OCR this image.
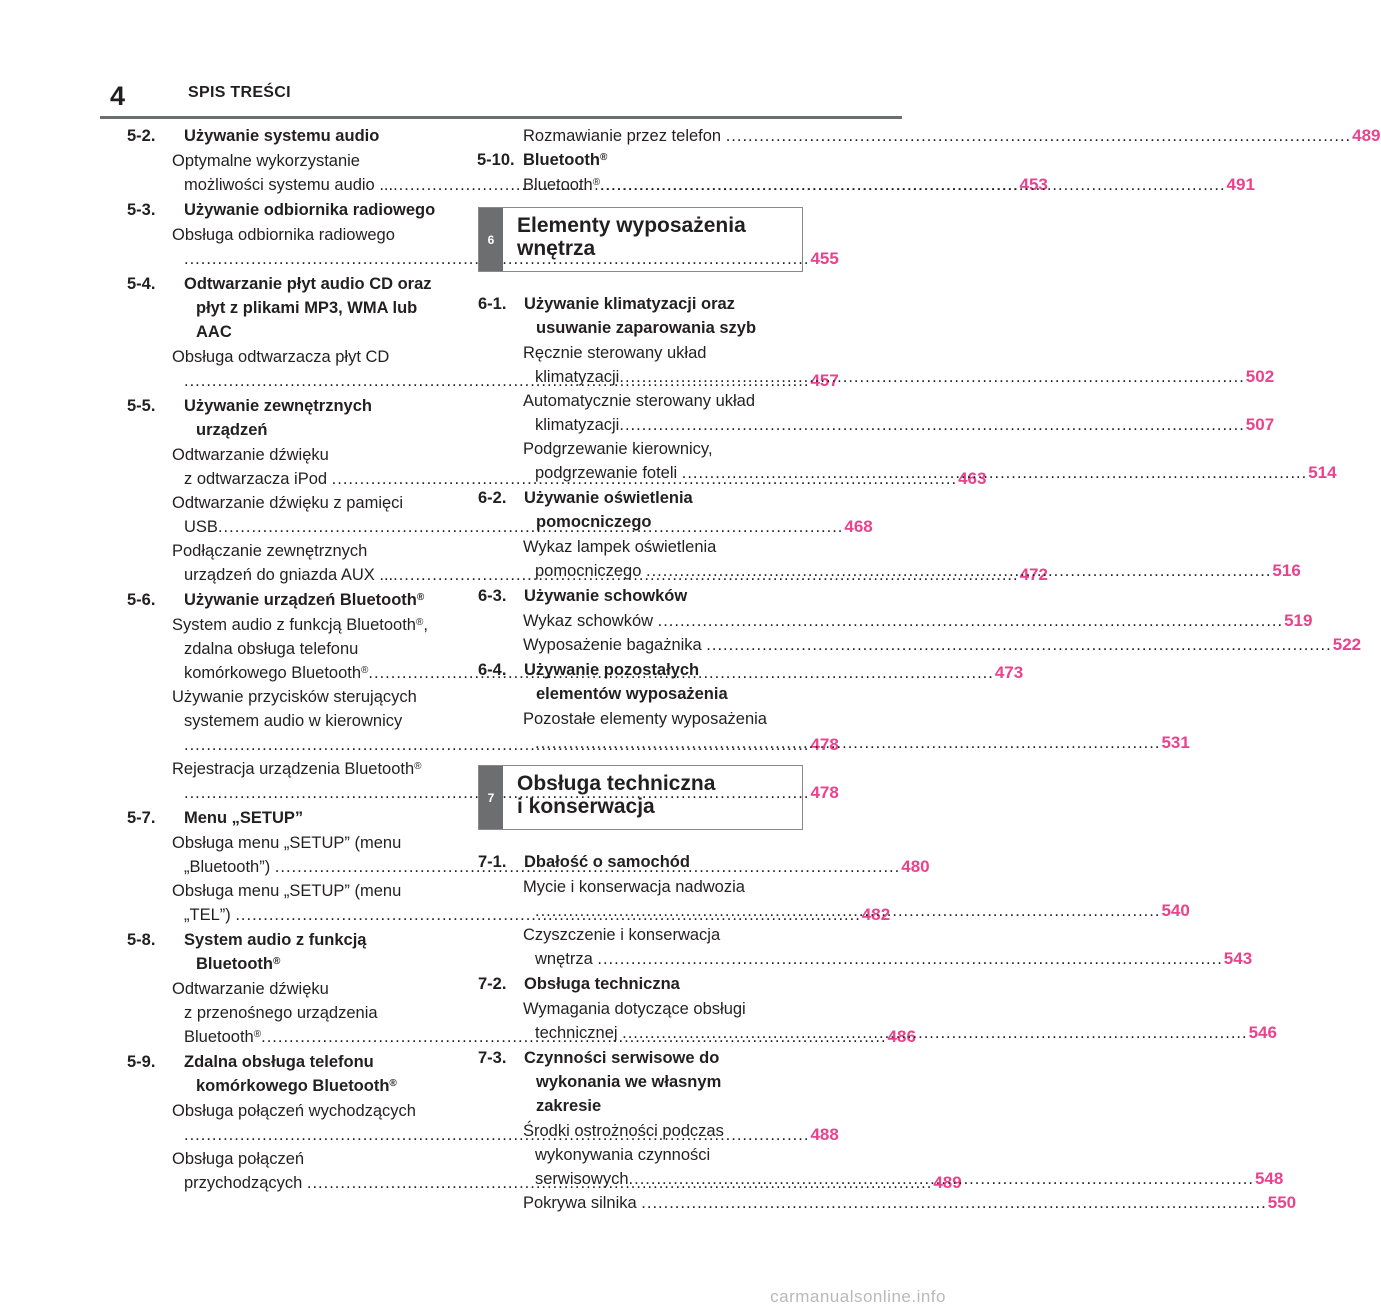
4	SPIS TREŚCI
5-2. Używanie systemu audio
Optymalne wykorzystanie
możliwości systemu audio ... .....	453
5-3. Używanie odbiornika radiowego
Obsługa odbiornika radiowego
.....455
5-4. Odtwarzanie płyt audio CD oraz
płyt z plikami MP3, WMA lub
AAC
Obsługa odtwarzacza płyt CD
.....457
5-5. Używanie zewnętrznych
urządzeń
Odtwarzanie dźwięku
z odtwarzacza iPod .....	463
Odtwarzanie dźwięku z pamięci
USB .....	468
Podłączanie zewnętrznych
urządzeń do gniazda AUX ... .....	472
5-6. Używanie urządzeń Bluetooth®
System audio z funkcją Bluetooth®,
zdalna obsługa telefonu
komórkowego Bluetooth® .....	473
Używanie przycisków sterujących
systemem audio w kierownicy
.....478
Rejestracja urządzenia Bluetooth®
.....478
5-7. Menu „SETUP”
Obsługa menu „SETUP” (menu
„Bluetooth”) .....	480
Obsługa menu „SETUP” (menu
„TEL”) .....	482
5-8. System audio z funkcją
Bluetooth®
Odtwarzanie dźwięku
z przenośnego urządzenia
Bluetooth® .....	486
5-9. Zdalna obsługa telefonu
komórkowego Bluetooth®
Obsługa połączeń wychodzących
.....488
Obsługa połączeń
przychodzących .....	489
Rozmawianie przez telefon .....	489
5-10. Bluetooth®
Bluetooth® .....	491
6
Elementy wyposażenia
wnętrza
6-1. Używanie klimatyzacji oraz
usuwanie zaparowania szyb
Ręcznie sterowany układ
klimatyzacji .....	502
Automatycznie sterowany układ
klimatyzacji .....	507
Podgrzewanie kierownicy,
podgrzewanie foteli .....	514
6-2. Używanie oświetlenia
pomocniczego
Wykaz lampek oświetlenia
pomocniczego .....	516
6-3. Używanie schowków
Wykaz schowków .....	519
Wyposażenie bagażnika .....	522
6-4. Używanie pozostałych
elementów wyposażenia
Pozostałe elementy wyposażenia
.....531
7
Obsługa techniczna
i konserwacja
7-1. Dbałość o samochód
Mycie i konserwacja nadwozia
.....540
Czyszczenie i konserwacja
wnętrza .....	543
7-2. Obsługa techniczna
Wymagania dotyczące obsługi
technicznej .....	546
7-3. Czynności serwisowe do
wykonania we własnym
zakresie
Środki ostrożności podczas
wykonywania czynności
serwisowych .....	548
Pokrywa silnika .....	550
carmanualsonline.info
